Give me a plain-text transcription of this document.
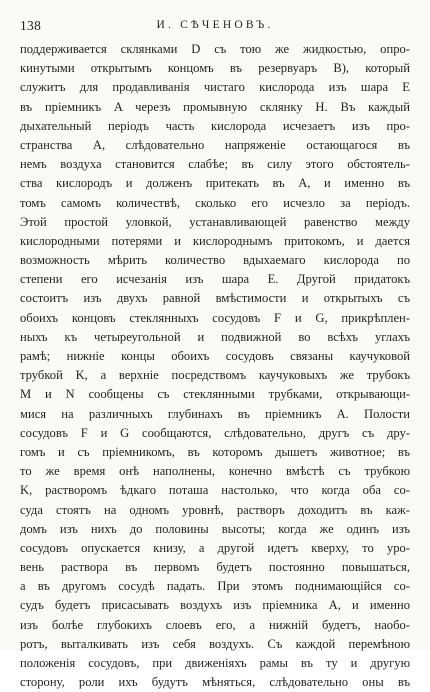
138	И. СѢЧЕНОВЪ.
поддерживается склянками D съ тою же жидкостью, опро-
кинутыми открытымъ концомъ въ резервуаръ B), который
служитъ для продавливанія чистаго кислорода изъ шара E
въ пріемникъ A черезъ промывную склянку H. Въ каждый
дыхательный періодъ часть кислорода исчезаетъ изъ про-
странства A, слѣдовательно напряженіе остающагося въ
немъ воздуха становится слабѣе; въ силу этого обстоятель-
ства кислородъ и долженъ притекать въ A, и именно въ
томъ самомъ количествѣ, сколько его исчезло за періодъ.
Этой простой уловкой, устанавливающей равенство между
кислородными потерями и кислороднымъ притокомъ, и дается
возможность мѣрить количество вдыхаемаго кислорода по
степени его исчезанія изъ шара E. Другой придатокъ
состоитъ изъ двухъ равной вмѣстимости и открытыхъ съ
обоихъ концовъ стеклянныхъ сосудовъ F и G, прикрѣплен-
ныхъ къ четыреугольной и подвижной во всѣхъ углахъ
рамѣ; нижніе концы обоихъ сосудовъ связаны каучуковой
трубкой K, а верхніе посредствомъ каучуковыхъ же трубокъ
M и N сообщены съ стеклянными трубками, открывающи-
мися на различныхъ глубинахъ въ пріемникъ A. Полости
сосудовъ F и G сообщаются, слѣдовательно, другъ съ дру-
гомъ и съ пріемникомъ, въ которомъ дышетъ животное; въ
то же время онѣ наполнены, конечно вмѣстѣ съ трубкою
K, растворомъ ѣдкаго поташа настолько, что когда оба со-
суда стоятъ на одномъ уровнѣ, растворъ доходитъ въ каж-
домъ изъ нихъ до половины высоты; когда же одинъ изъ
сосудовъ опускается книзу, а другой идетъ кверху, то уро-
вень раствора въ первомъ будетъ постоянно повышаться,
а въ другомъ сосудѣ падать. При этомъ поднимающійся со-
судъ будетъ присасывать воздухъ изъ пріемника A, и именно
изъ болѣе глубокихъ слоевъ его, а нижній будетъ, наобо-
ротъ, выталкивать изъ себя воздухъ. Съ каждой перемѣною
положенія сосудовъ, при движеніяхъ рамы въ ту и другую
сторону, роли ихъ будутъ мѣняться, слѣдовательно оны въ
